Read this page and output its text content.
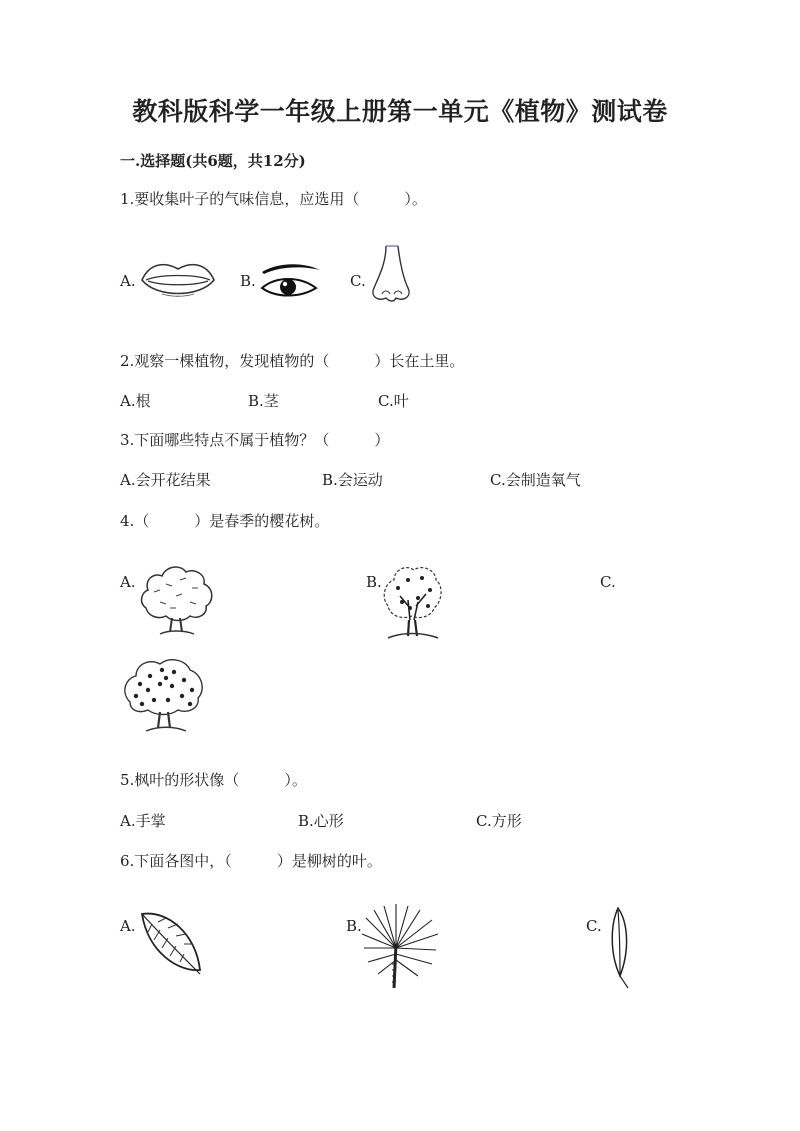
教科版科学一年级上册第一单元《植物》测试卷
一.选择题(共6题，共12分)
1.要收集叶子的气味信息，应选用（　　　）。
A.	B.	C.
2.观察一棵植物，发现植物的（　　　）长在土里。
A.根	B.茎	C.叶
3.下面哪些特点不属于植物？（　　　）
A.会开花结果	B.会运动	C.会制造氧气
4.（　　　）是春季的樱花树。
A.	B.	C.
5.枫叶的形状像（　　　）。
A.手掌	B.心形	C.方形
6.下面各图中，（　　　）是柳树的叶。
A.	B.	C.
